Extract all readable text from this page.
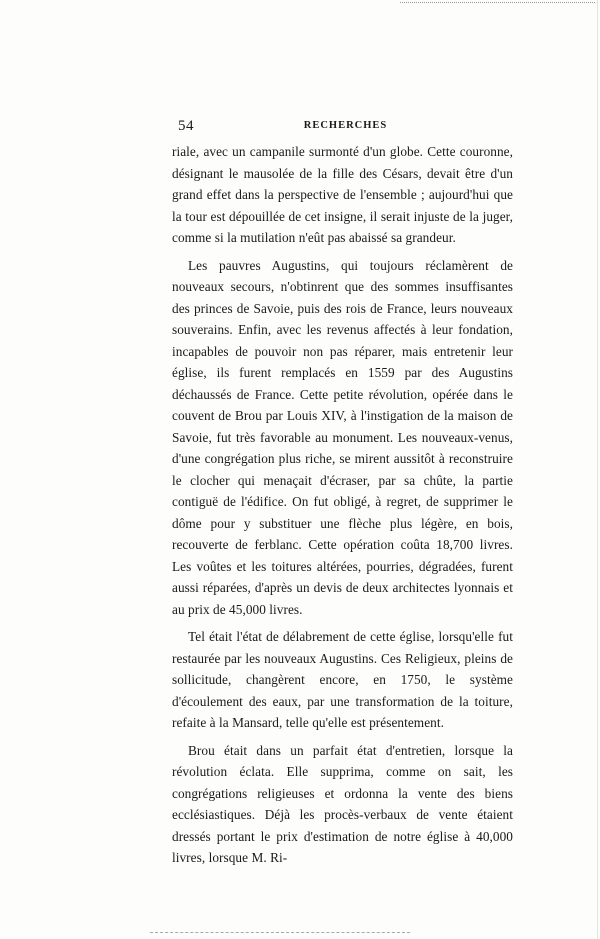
54	RECHERCHES

riale, avec un campanile surmonté d'un globe. Cette couronne, désignant le mausolée de la fille des Césars, devait être d'un grand effet dans la perspective de l'ensemble ; aujourd'hui que la tour est dépouillée de cet insigne, il serait injuste de la juger, comme si la mutilation n'eût pas abaissé sa grandeur.

Les pauvres Augustins, qui toujours réclamèrent de nouveaux secours, n'obtinrent que des sommes insuffisantes des princes de Savoie, puis des rois de France, leurs nouveaux souverains. Enfin, avec les revenus affectés à leur fondation, incapables de pouvoir non pas réparer, mais entretenir leur église, ils furent remplacés en 1559 par des Augustins déchaussés de France. Cette petite révolution, opérée dans le couvent de Brou par Louis XIV, à l'instigation de la maison de Savoie, fut très favorable au monument. Les nouveaux-venus, d'une congrégation plus riche, se mirent aussitôt à reconstruire le clocher qui menaçait d'écraser, par sa chûte, la partie contiguë de l'édifice. On fut obligé, à regret, de supprimer le dôme pour y substituer une flèche plus légère, en bois, recouverte de ferblanc. Cette opération coûta 18,700 livres. Les voûtes et les toitures altérées, pourries, dégradées, furent aussi réparées, d'après un devis de deux architectes lyonnais et au prix de 45,000 livres.

Tel était l'état de délabrement de cette église, lorsqu'elle fut restaurée par les nouveaux Augustins. Ces Religieux, pleins de sollicitude, changèrent encore, en 1750, le système d'écoulement des eaux, par une transformation de la toiture, refaite à la Mansard, telle qu'elle est présentement.

Brou était dans un parfait état d'entretien, lorsque la révolution éclata. Elle supprima, comme on sait, les congrégations religieuses et ordonna la vente des biens ecclésiastiques. Déjà les procès-verbaux de vente étaient dressés portant le prix d'estimation de notre église à 40,000 livres, lorsque M. Ri-
